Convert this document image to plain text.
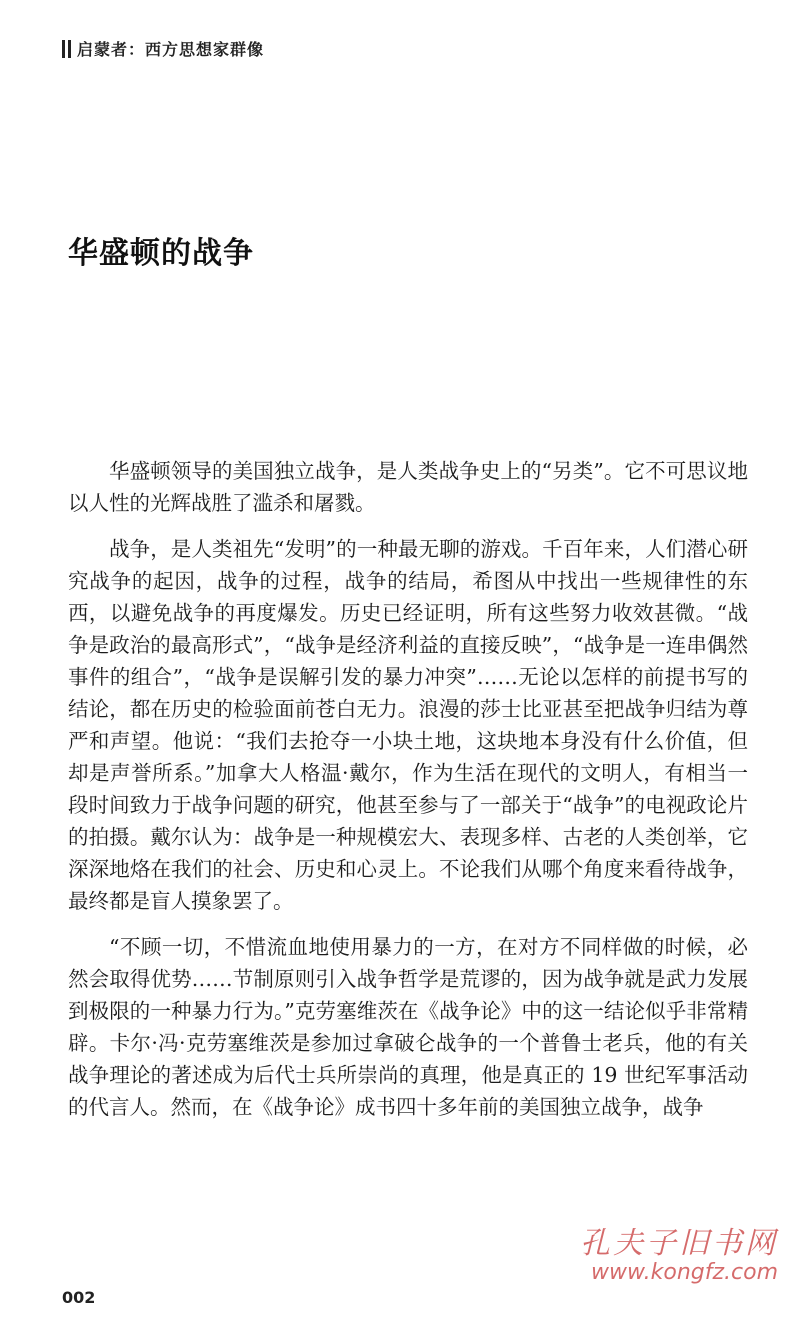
启蒙者：西方思想家群像
华盛顿的战争

华盛顿领导的美国独立战争，是人类战争史上的“另类”。它不可思议地以人性的光辉战胜了滥杀和屠戮。

战争，是人类祖先“发明”的一种最无聊的游戏。千百年来，人们潜心研究战争的起因，战争的过程，战争的结局，希图从中找出一些规律性的东西，以避免战争的再度爆发。历史已经证明，所有这些努力收效甚微。“战争是政治的最高形式”，“战争是经济利益的直接反映”，“战争是一连串偶然事件的组合”，“战争是误解引发的暴力冲突”……无论以怎样的前提书写的结论，都在历史的检验面前苍白无力。浪漫的莎士比亚甚至把战争归结为尊严和声望。他说：“我们去抢夺一小块土地，这块地本身没有什么价值，但却是声誉所系。”加拿大人格温·戴尔，作为生活在现代的文明人，有相当一段时间致力于战争问题的研究，他甚至参与了一部关于“战争”的电视政论片的拍摄。戴尔认为：战争是一种规模宏大、表现多样、古老的人类创举，它深深地烙在我们的社会、历史和心灵上。不论我们从哪个角度来看待战争，最终都是盲人摸象罢了。

“不顾一切，不惜流血地使用暴力的一方，在对方不同样做的时候，必然会取得优势……节制原则引入战争哲学是荒谬的，因为战争就是武力发展到极限的一种暴力行为。”克劳塞维茨在《战争论》中的这一结论似乎非常精辟。卡尔·冯·克劳塞维茨是参加过拿破仑战争的一个普鲁士老兵，他的有关战争理论的著述成为后代士兵所崇尚的真理，他是真正的 19 世纪军事活动的代言人。然而，在《战争论》成书四十多年前的美国独立战争，战争

孔夫子旧书网
www.kongfz.com
002
